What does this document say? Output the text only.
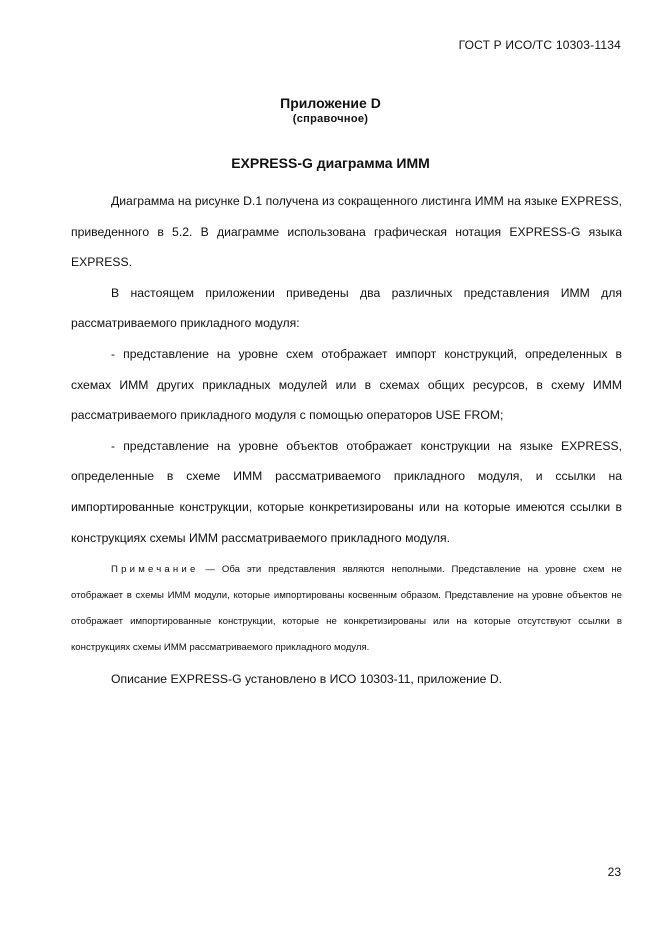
ГОСТ Р ИСО/ТС 10303-1134
Приложение D
(справочное)
EXPRESS-G диаграмма ИММ

Диаграмма на рисунке D.1 получена из сокращенного листинга ИММ на языке EXPRESS, приведенного в 5.2. В диаграмме использована графическая нотация EXPRESS-G языка EXPRESS.

В настоящем приложении приведены два различных представления ИММ для рассматриваемого прикладного модуля:

- представление на уровне схем отображает импорт конструкций, определенных в схемах ИММ других прикладных модулей или в схемах общих ресурсов, в схему ИММ рассматриваемого прикладного модуля с помощью операторов USE FROM;

- представление на уровне объектов отображает конструкции на языке EXPRESS, определенные в схеме ИММ рассматриваемого прикладного модуля, и ссылки на импортированные конструкции, которые конкретизированы или на которые имеются ссылки в конструкциях схемы ИММ рассматриваемого прикладного модуля.

Примечание — Оба эти представления являются неполными. Представление на уровне схем не отображает в схемы ИММ модули, которые импортированы косвенным образом. Представление на уровне объектов не отображает импортированные конструкции, которые не конкретизированы или на которые отсутствуют ссылки в конструкциях схемы ИММ рассматриваемого прикладного модуля.

Описание EXPRESS-G установлено в ИСО 10303-11, приложение D.

23
